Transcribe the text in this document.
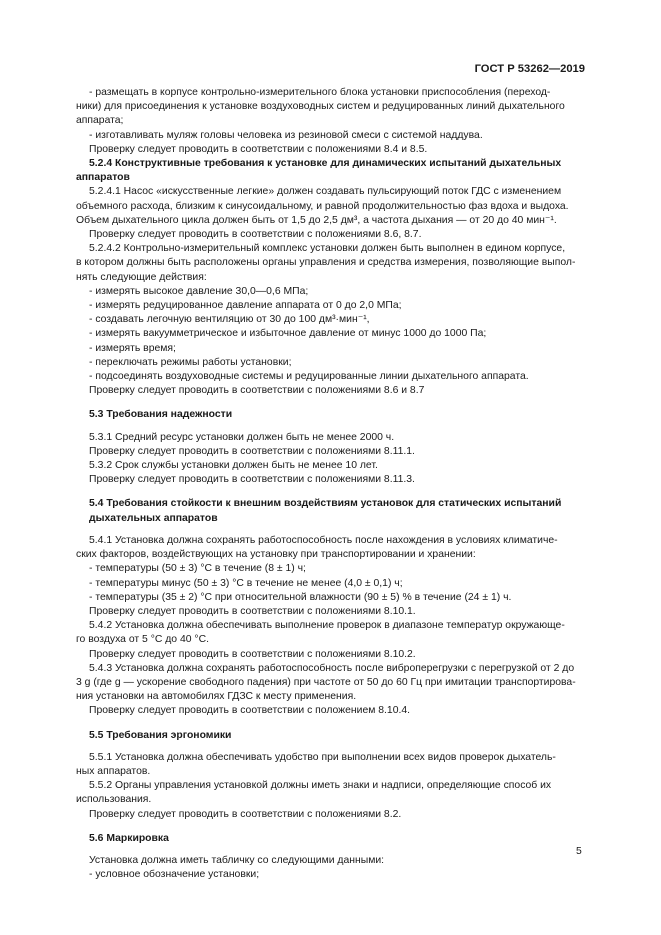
ГОСТ Р 53262—2019

- размещать в корпусе контрольно-измерительного блока установки приспособления (переход-

ники) для присоединения к установке воздуховодных систем и редуцированных линий дыхательного

аппарата;

- изготавливать муляж головы человека из резиновой смеси с системой наддува.

Проверку следует проводить в соответствии с положениями 8.4 и 8.5.

5.2.4 Конструктивные требования к установке для динамических испытаний дыхательных

аппаратов

5.2.4.1 Насос «искусственные легкие» должен создавать пульсирующий поток ГДС с изменением

объемного расхода, близким к синусоидальному, и равной продолжительностью фаз вдоха и выдоха.

Объем дыхательного цикла должен быть от 1,5 до 2,5 дм³, а частота дыхания — от 20 до 40 мин⁻¹.

Проверку следует проводить в соответствии с положениями 8.6, 8.7.

5.2.4.2 Контрольно-измерительный комплекс установки должен быть выполнен в едином корпусе,

в котором должны быть расположены органы управления и средства измерения, позволяющие выпол-

нять следующие действия:

- измерять высокое давление 30,0—0,6 МПа;

- измерять редуцированное давление аппарата от 0 до 2,0 МПа;

- создавать легочную вентиляцию от 30 до 100 дм³·мин⁻¹,

- измерять вакуумметрическое и избыточное давление от минус 1000 до 1000 Па;

- измерять время;

- переключать режимы работы установки;

- подсоединять воздуховодные системы и редуцированные линии дыхательного аппарата.

Проверку следует проводить в соответствии с положениями 8.6 и 8.7

5.3 Требования надежности

5.3.1 Средний ресурс установки должен быть не менее 2000 ч.

Проверку следует проводить в соответствии с положениями 8.11.1.

5.3.2 Срок службы установки должен быть не менее 10 лет.

Проверку следует проводить в соответствии с положениями 8.11.3.

5.4 Требования стойкости к внешним воздействиям установок для статических испытаний

дыхательных аппаратов

5.4.1 Установка должна сохранять работоспособность после нахождения в условиях климатиче-

ских факторов, воздействующих на установку при транспортировании и хранении:

- температуры (50 ± 3) °С в течение (8 ± 1) ч;

- температуры минус (50 ± 3) °С в течение не менее (4,0 ± 0,1) ч;

- температуры (35 ± 2) °С при относительной влажности (90 ± 5) % в течение (24 ± 1) ч.

Проверку следует проводить в соответствии с положениями 8.10.1.

5.4.2 Установка должна обеспечивать выполнение проверок в диапазоне температур окружающе-

го воздуха от 5 °С до 40 °С.

Проверку следует проводить в соответствии с положениями 8.10.2.

5.4.3 Установка должна сохранять работоспособность после виброперегрузки с перегрузкой от 2 до

3 g (где g — ускорение свободного падения) при частоте от 50 до 60 Гц при имитации транспортирова-

ния установки на автомобилях ГДЗС к месту применения.

Проверку следует проводить в соответствии с положением 8.10.4.

5.5 Требования эргономики

5.5.1 Установка должна обеспечивать удобство при выполнении всех видов проверок дыхатель-

ных аппаратов.

5.5.2 Органы управления установкой должны иметь знаки и надписи, определяющие способ их

использования.

Проверку следует проводить в соответствии с положениями 8.2.

5.6 Маркировка

Установка должна иметь табличку со следующими данными:

- условное обозначение установки;

5
